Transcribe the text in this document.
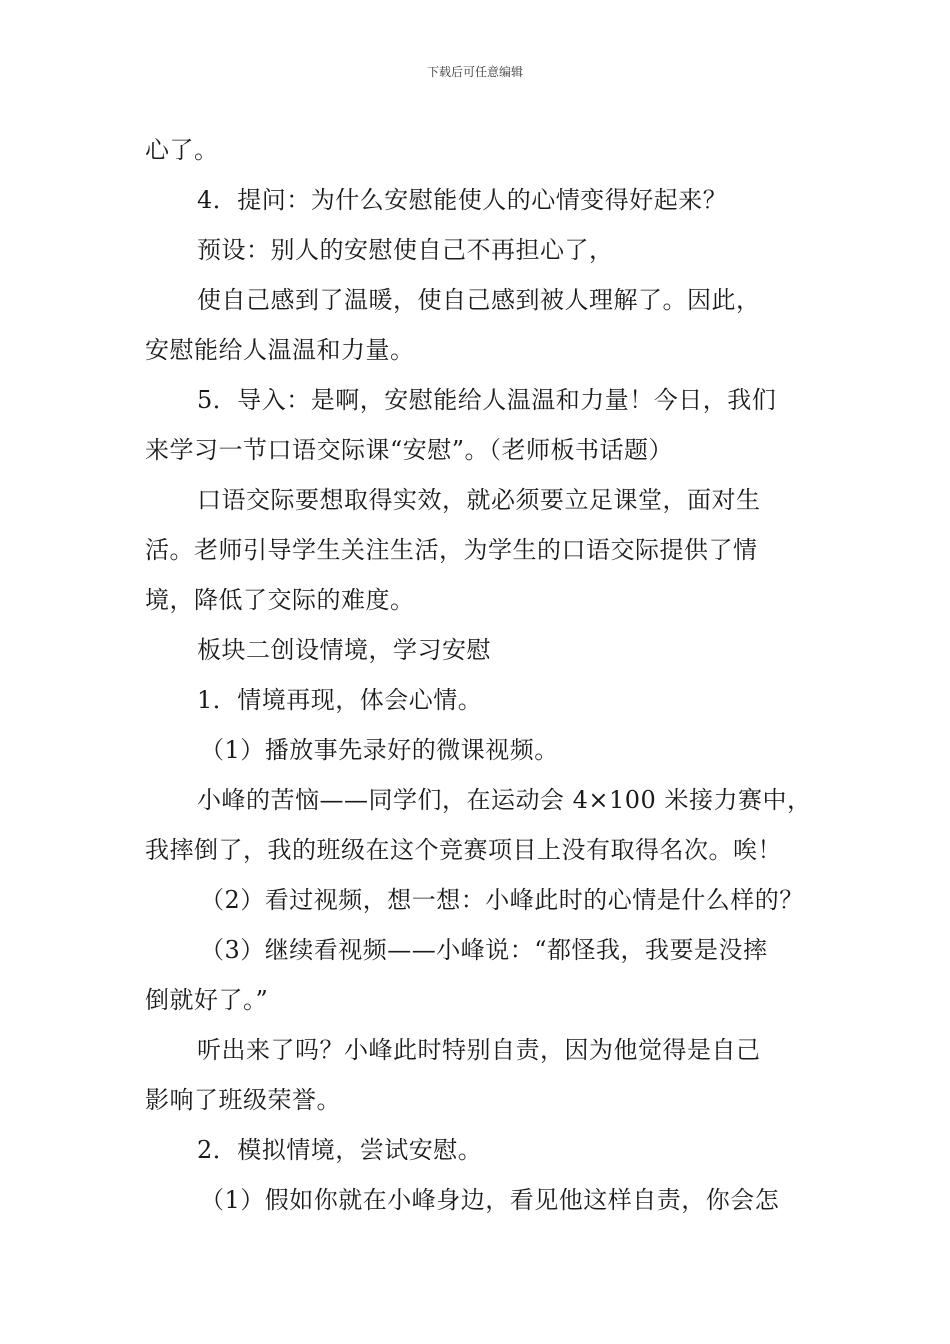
下载后可任意编辑
心了。
4．提问：为什么安慰能使人的心情变得好起来？
预设：别人的安慰使自己不再担心了，
使自己感到了温暖，使自己感到被人理解了。因此，
安慰能给人温温和力量。
5．导入：是啊，安慰能给人温温和力量！今日，我们
来学习一节口语交际课“安慰”。（老师板书话题）
口语交际要想取得实效，就必须要立足课堂，面对生
活。老师引导学生关注生活，为学生的口语交际提供了情
境，降低了交际的难度。
板块二创设情境，学习安慰
1．情境再现，体会心情。
（1）播放事先录好的微课视频。
小峰的苦恼——同学们，在运动会 4×100 米接力赛中，
我摔倒了，我的班级在这个竞赛项目上没有取得名次。唉！
（2）看过视频，想一想：小峰此时的心情是什么样的？
（3）继续看视频——小峰说：“都怪我，我要是没摔
倒就好了。”
听出来了吗？小峰此时特别自责，因为他觉得是自己
影响了班级荣誉。
2．模拟情境，尝试安慰。
（1）假如你就在小峰身边，看见他这样自责，你会怎
